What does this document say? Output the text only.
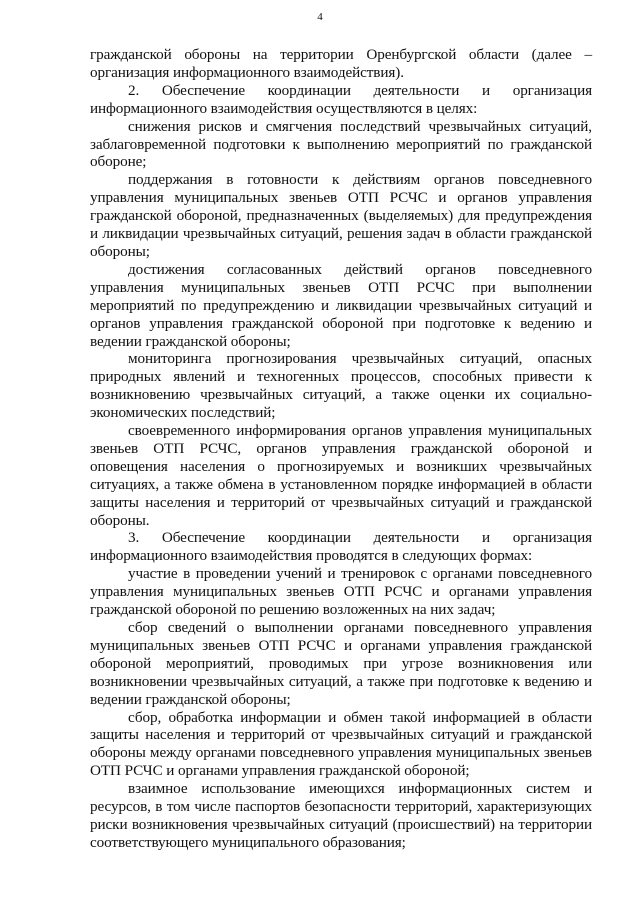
4

гражданской обороны на территории Оренбургской области (далее – организация информационного взаимодействия).

2. Обеспечение координации деятельности и организация информационного взаимодействия осуществляются в целях:

снижения рисков и смягчения последствий чрезвычайных ситуаций, заблаговременной подготовки к выполнению мероприятий по гражданской обороне;

поддержания в готовности к действиям органов повседневного управления муниципальных звеньев ОТП РСЧС и органов управления гражданской обороной, предназначенных (выделяемых) для предупреждения и ликвидации чрезвычайных ситуаций, решения задач в области гражданской обороны;

достижения согласованных действий органов повседневного управления муниципальных звеньев ОТП РСЧС при выполнении мероприятий по предупреждению и ликвидации чрезвычайных ситуаций и органов управления гражданской обороной при подготовке к ведению и ведении гражданской обороны;

мониторинга прогнозирования чрезвычайных ситуаций, опасных природных явлений и техногенных процессов, способных привести к возникновению чрезвычайных ситуаций, а также оценки их социально-экономических последствий;

своевременного информирования органов управления муниципальных звеньев ОТП РСЧС, органов управления гражданской обороной и оповещения населения о прогнозируемых и возникших чрезвычайных ситуациях, а также обмена в установленном порядке информацией в области защиты населения и территорий от чрезвычайных ситуаций и гражданской обороны.

3. Обеспечение координации деятельности и организация информационного взаимодействия проводятся в следующих формах:

участие в проведении учений и тренировок с органами повседневного управления муниципальных звеньев ОТП РСЧС и органами управления гражданской обороной по решению возложенных на них задач;

сбор сведений о выполнении органами повседневного управления муниципальных звеньев ОТП РСЧС и органами управления гражданской обороной мероприятий, проводимых при угрозе возникновения или возникновении чрезвычайных ситуаций, а также при подготовке к ведению и ведении гражданской обороны;

сбор, обработка информации и обмен такой информацией в области защиты населения и территорий от чрезвычайных ситуаций и гражданской обороны между органами повседневного управления муниципальных звеньев ОТП РСЧС и органами управления гражданской обороной;

взаимное использование имеющихся информационных систем и ресурсов, в том числе паспортов безопасности территорий, характеризующих риски возникновения чрезвычайных ситуаций (происшествий) на территории соответствующего муниципального образования;
